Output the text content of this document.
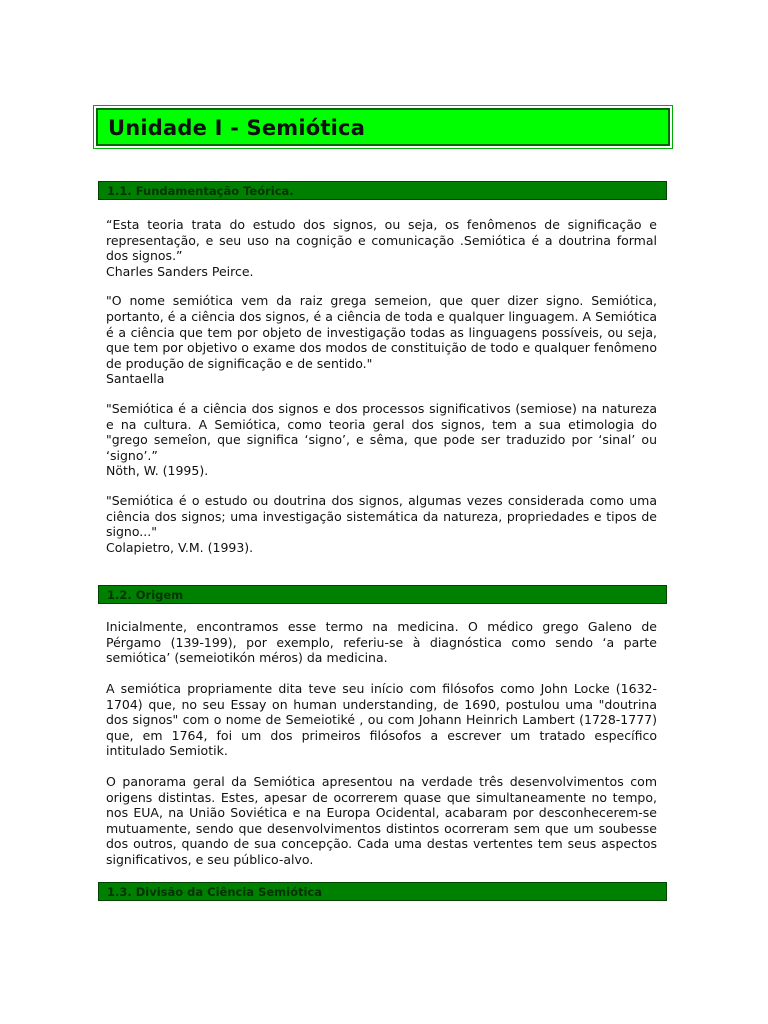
Unidade I - Semiótica
1.1. Fundamentação Teórica.

“Esta teoria trata do estudo dos signos, ou seja, os fenômenos de significação e representação, e seu uso na cognição e comunicação .Semiótica é a doutrina formal dos signos.”

Charles Sanders Peirce.

"O nome semiótica vem da raiz grega semeion, que quer dizer signo. Semiótica, portanto, é a ciência dos signos, é a ciência de toda e qualquer linguagem. A Semiótica é a ciência que tem por objeto de investigação todas as linguagens possíveis, ou seja, que tem por objetivo o exame dos modos de constituição de todo e qualquer fenômeno de produção de significação e de sentido."

Santaella

"Semiótica é a ciência dos signos e dos processos significativos (semiose) na natureza e na cultura. A Semiótica, como teoria geral dos signos, tem a sua etimologia do "grego semeîon, que significa ‘signo’, e sêma, que pode ser traduzido por ‘sinal’ ou ‘signo’.”

Nöth, W. (1995).

"Semiótica é o estudo ou doutrina dos signos, algumas vezes considerada como uma ciência dos signos; uma investigação sistemática da natureza, propriedades e tipos de signo..."

Colapietro, V.M. (1993).

1.2. Origem

Inicialmente, encontramos esse termo na medicina. O médico grego Galeno de Pérgamo (139-199), por exemplo, referiu-se à diagnóstica como sendo ‘a parte semiótica’ (semeiotikón méros) da medicina.

A semiótica propriamente dita teve seu início com filósofos como John Locke (1632-1704) que, no seu Essay on human understanding, de 1690, postulou uma "doutrina dos signos" com o nome de Semeiotiké , ou com Johann Heinrich Lambert (1728-1777) que, em 1764, foi um dos primeiros filósofos a escrever um tratado específico intitulado Semiotik.

O panorama geral da Semiótica apresentou na verdade três desenvolvimentos com origens distintas. Estes, apesar de ocorrerem quase que simultaneamente no tempo, nos EUA, na União Soviética e na Europa Ocidental, acabaram por desconhecerem-se mutuamente, sendo que desenvolvimentos distintos ocorreram sem que um soubesse dos outros, quando de sua concepção. Cada uma destas vertentes tem seus aspectos significativos, e seu público-alvo.

1.3. Divisão da Ciência Semiótica
